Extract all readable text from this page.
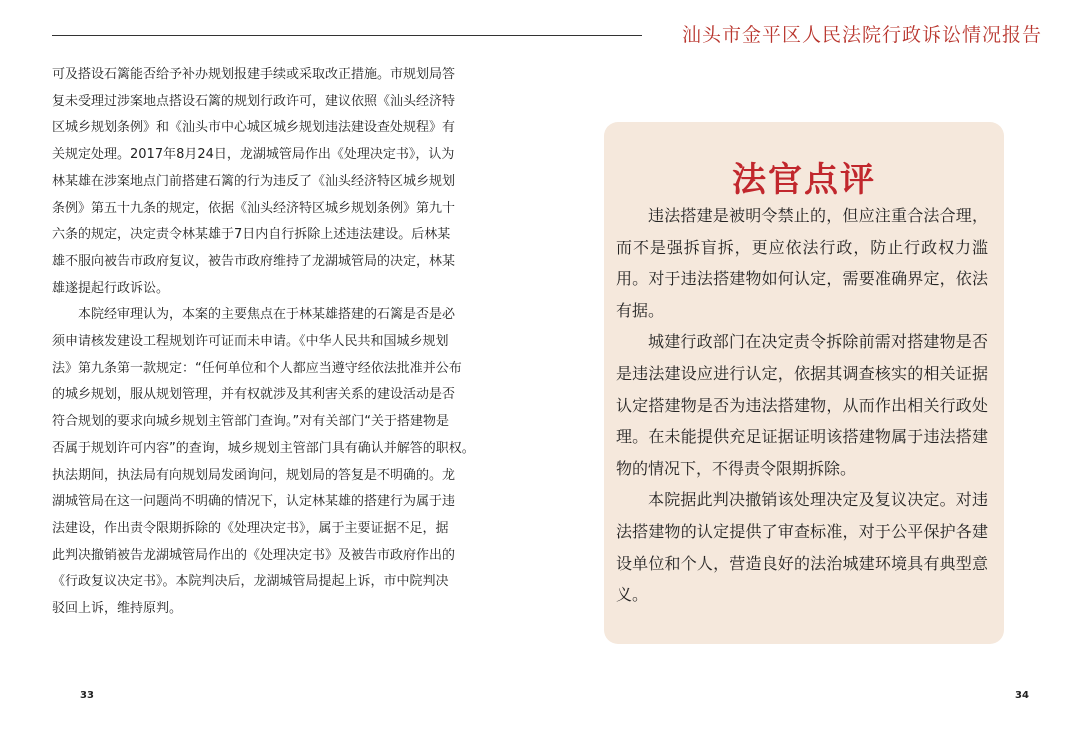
汕头市金平区人民法院行政诉讼情况报告

可及搭设石篱能否给予补办规划报建手续或采取改正措施。市规划局答
复未受理过涉案地点搭设石篱的规划行政许可，建议依照《汕头经济特
区城乡规划条例》和《汕头市中心城区城乡规划违法建设查处规程》有
关规定处理。2017年8月24日，龙湖城管局作出《处理决定书》，认为
林某雄在涉案地点门前搭建石篱的行为违反了《汕头经济特区城乡规划
条例》第五十九条的规定，依据《汕头经济特区城乡规划条例》第九十
六条的规定，决定责令林某雄于7日内自行拆除上述违法建设。后林某
雄不服向被告市政府复议，被告市政府维持了龙湖城管局的决定，林某
雄遂提起行政诉讼。

本院经审理认为，本案的主要焦点在于林某雄搭建的石篱是否是必
须申请核发建设工程规划许可证而未申请。《中华人民共和国城乡规划
法》第九条第一款规定：“任何单位和个人都应当遵守经依法批准并公布
的城乡规划，服从规划管理，并有权就涉及其利害关系的建设活动是否
符合规划的要求向城乡规划主管部门查询。”对有关部门“关于搭建物是
否属于规划许可内容”的查询，城乡规划主管部门具有确认并解答的职权。
执法期间，执法局有向规划局发函询问，规划局的答复是不明确的。龙
湖城管局在这一问题尚不明确的情况下，认定林某雄的搭建行为属于违
法建设，作出责令限期拆除的《处理决定书》，属于主要证据不足，据
此判决撤销被告龙湖城管局作出的《处理决定书》及被告市政府作出的
《行政复议决定书》。本院判决后，龙湖城管局提起上诉，市中院判决
驳回上诉，维持原判。

法官点评

违法搭建是被明令禁止的，但应注重合法合理，而不是强拆盲拆，更应依法行政，防止行政权力滥用。对于违法搭建物如何认定，需要准确界定，依法有据。

城建行政部门在决定责令拆除前需对搭建物是否是违法建设应进行认定，依据其调查核实的相关证据认定搭建物是否为违法搭建物，从而作出相关行政处理。在未能提供充足证据证明该搭建物属于违法搭建物的情况下，不得责令限期拆除。

本院据此判决撤销该处理决定及复议决定。对违法搭建物的认定提供了审查标准，对于公平保护各建设单位和个人，营造良好的法治城建环境具有典型意义。

33	34
